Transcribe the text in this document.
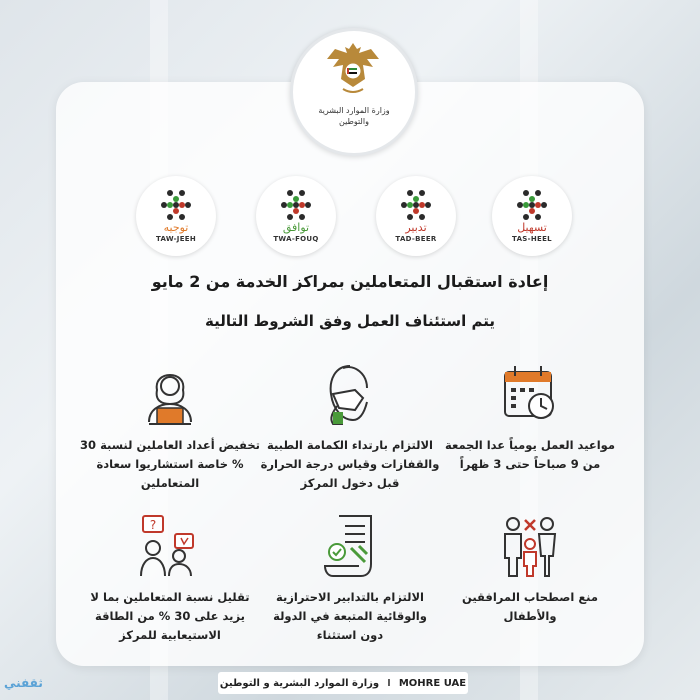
وزارة الموارد البشرية
والتوطين
توجيه
TAW-JEEH
توافق
TWA-FOUQ
تدبير
TAD-BEER
تسهيل
TAS-HEEL
إعادة استقبال المتعاملين بمراكز الخدمة من 2 مايو
يتم استئناف العمل وفق الشروط التالية
مواعيد العمل يومياً عدا الجمعة من 9 صباحاً حتى 3 ظهراً
الالتزام بارتداء الكمامة الطبية والقفازات وقياس درجة الحرارة قبل دخول المركز
تخفيض أعداد العاملين لنسبة 30 % خاصة استشاريوا سعادة المتعاملين
منع اصطحاب المرافقين والأطفال
الالتزام بالتدابير الاحترازية والوقائية المتبعة في الدولة دون استثناء
?
تقليل نسبة المتعاملين بما لا يزيد على 30 % من الطاقة الاستيعابية للمركز
وزارة الموارد البشرية و التوطين I MOHRE UAE
ثقفني
